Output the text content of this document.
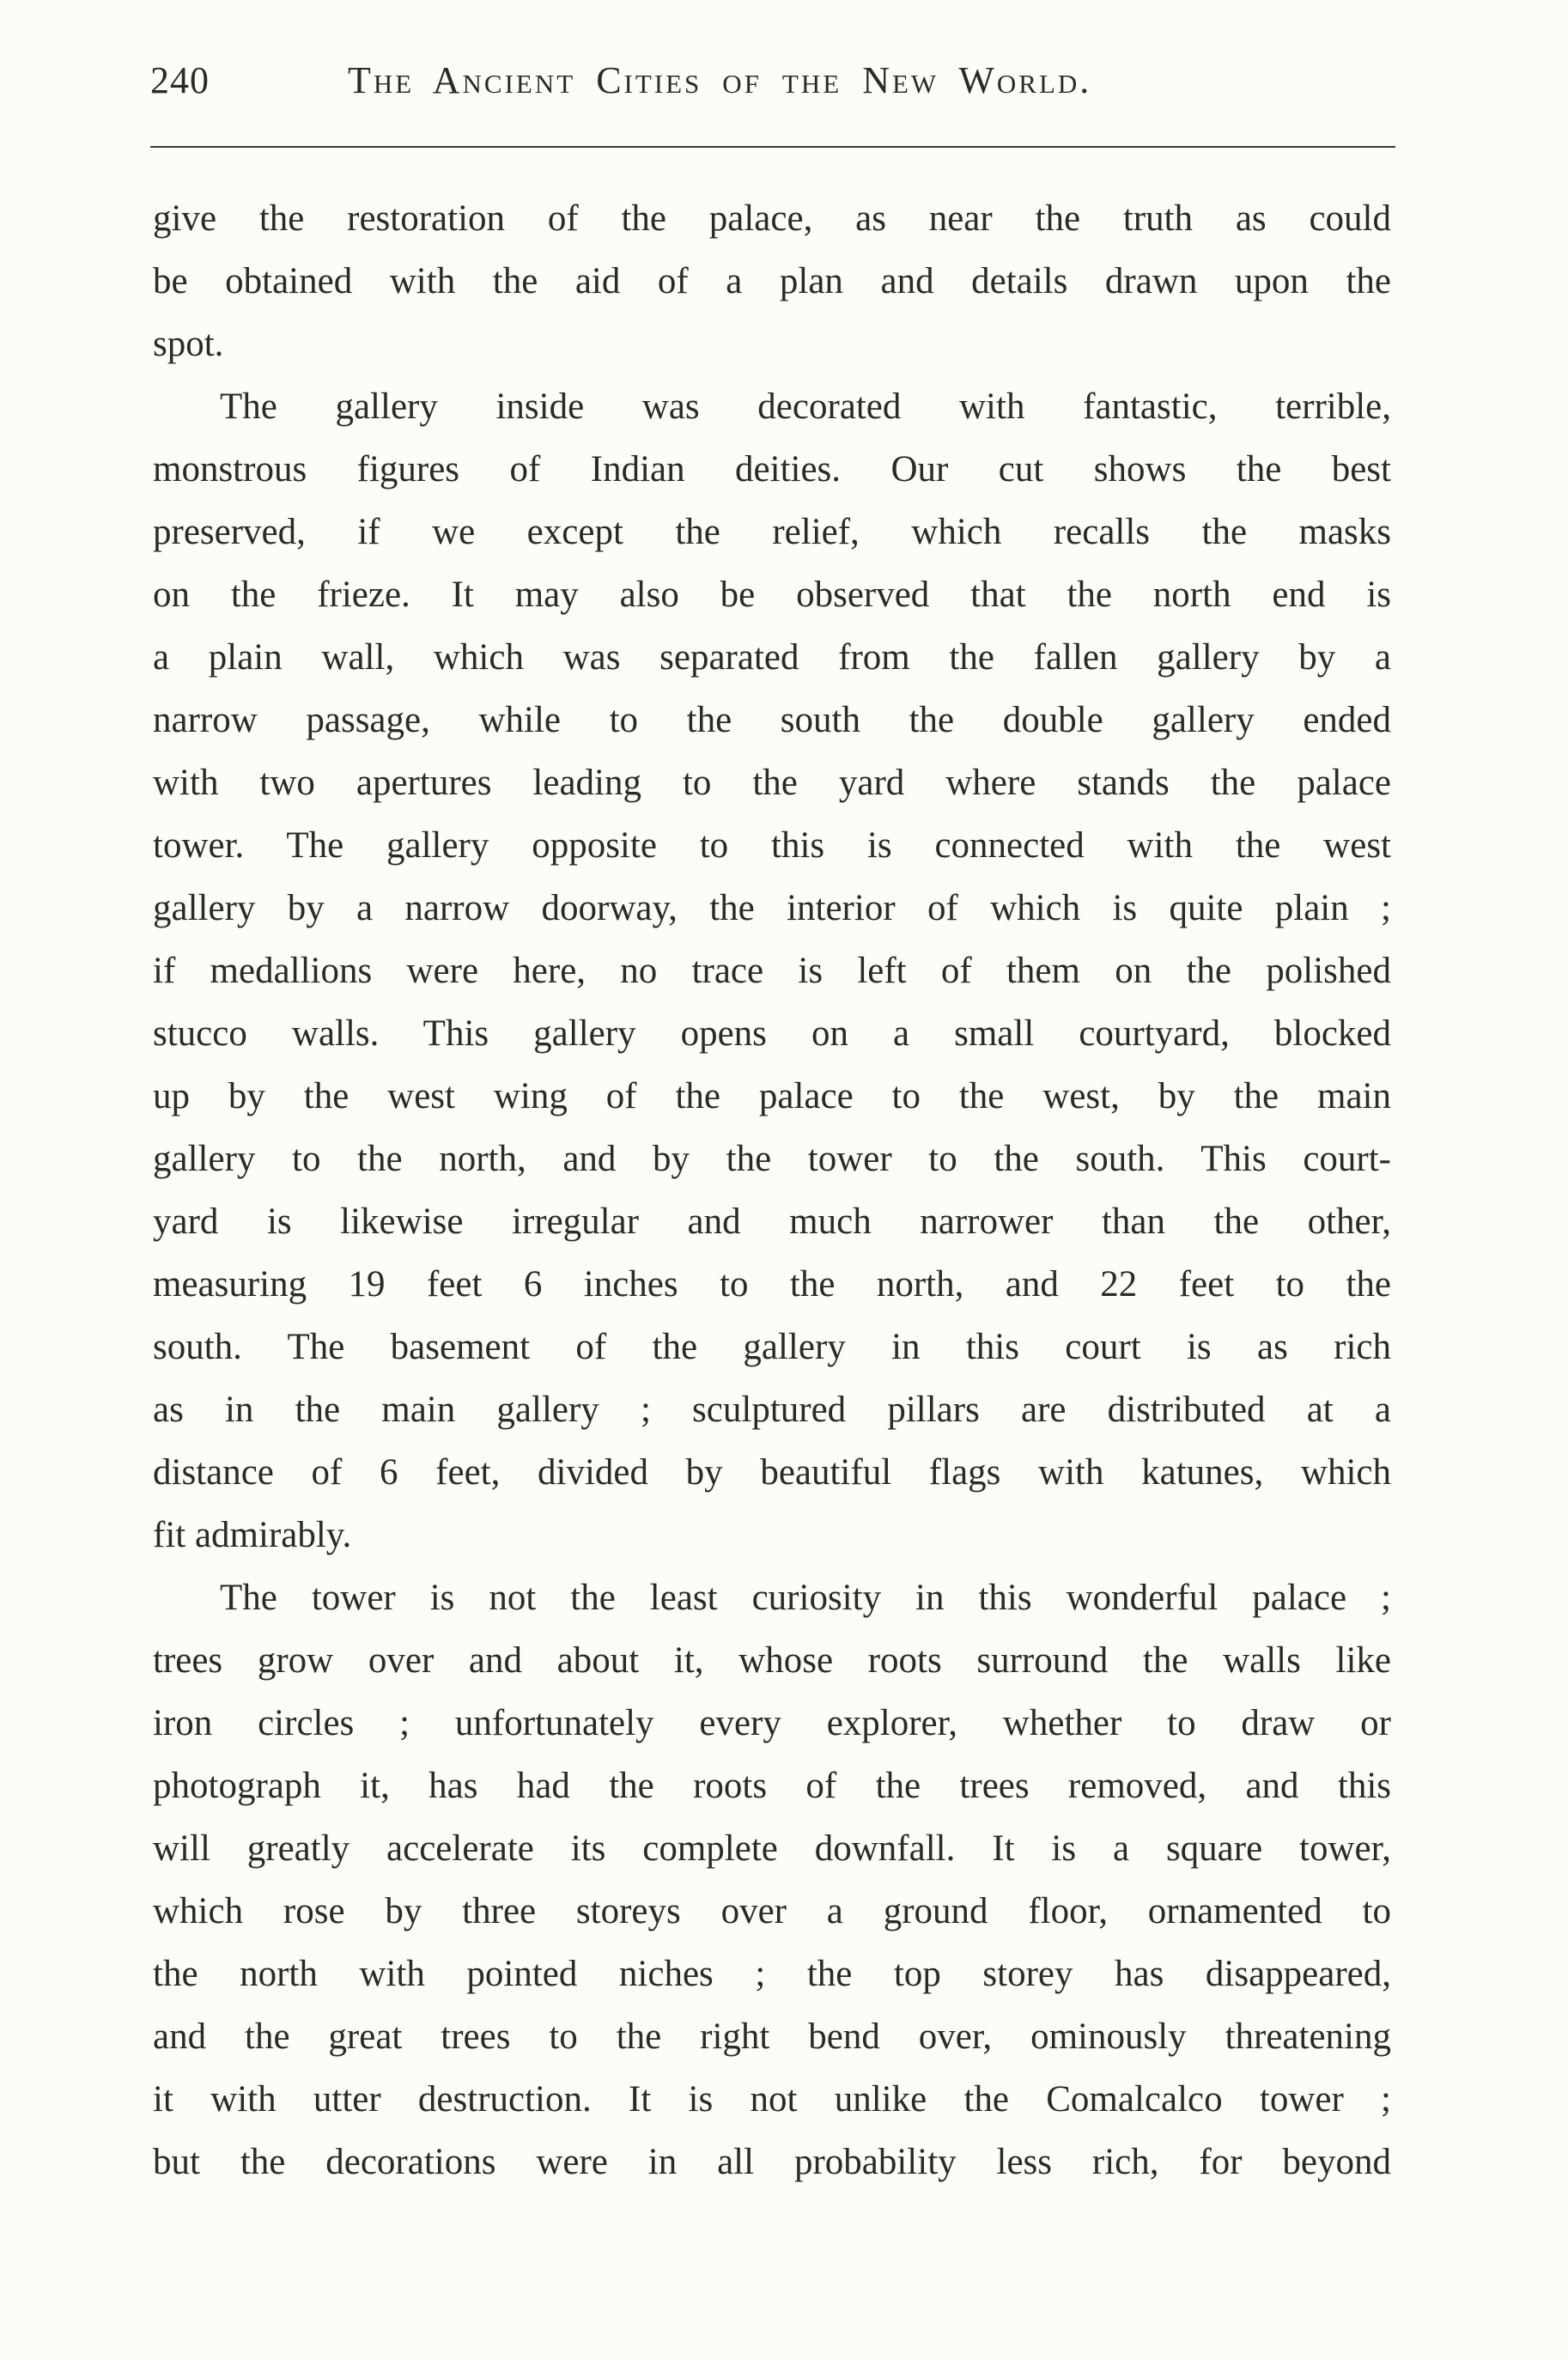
240	The Ancient Cities of the New World.
give the restoration of the palace, as near the truth as could
be obtained with the aid of a plan and details drawn upon the
spot.
The gallery inside was decorated with fantastic, terrible,
monstrous figures of Indian deities. Our cut shows the best
preserved, if we except the relief, which recalls the masks
on the frieze. It may also be observed that the north end is
a plain wall, which was separated from the fallen gallery by a
narrow passage, while to the south the double gallery ended
with two apertures leading to the yard where stands the palace
tower. The gallery opposite to this is connected with the west
gallery by a narrow doorway, the interior of which is quite plain ;
if medallions were here, no trace is left of them on the polished
stucco walls. This gallery opens on a small courtyard, blocked
up by the west wing of the palace to the west, by the main
gallery to the north, and by the tower to the south. This court-
yard is likewise irregular and much narrower than the other,
measuring 19 feet 6 inches to the north, and 22 feet to the
south. The basement of the gallery in this court is as rich
as in the main gallery ; sculptured pillars are distributed at a
distance of 6 feet, divided by beautiful flags with katunes, which
fit admirably.
The tower is not the least curiosity in this wonderful palace ;
trees grow over and about it, whose roots surround the walls like
iron circles ; unfortunately every explorer, whether to draw or
photograph it, has had the roots of the trees removed, and this
will greatly accelerate its complete downfall. It is a square tower,
which rose by three storeys over a ground floor, ornamented to
the north with pointed niches ; the top storey has disappeared,
and the great trees to the right bend over, ominously threatening
it with utter destruction. It is not unlike the Comalcalco tower ;
but the decorations were in all probability less rich, for beyond
